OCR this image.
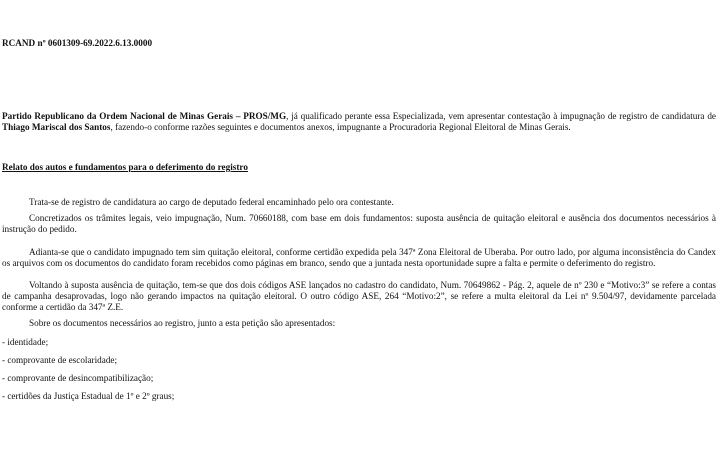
RCAND nº 0601309-69.2022.6.13.0000

Partido Republicano da Ordem Nacional de Minas Gerais – PROS/MG, já qualificado perante essa Especializada, vem apresentar contestação à impugnação de registro de candidatura de Thiago Mariscal dos Santos, fazendo-o conforme razões seguintes e documentos anexos, impugnante a Procuradoria Regional Eleitoral de Minas Gerais.

Relato dos autos e fundamentos para o deferimento do registro

Trata-se de registro de candidatura ao cargo de deputado federal encaminhado pelo ora contestante.

Concretizados os trâmites legais, veio impugnação, Num. 70660188, com base em dois fundamentos: suposta ausência de quitação eleitoral e ausência dos documentos necessários à instrução do pedido.

Adianta-se que o candidato impugnado tem sim quitação eleitoral, conforme certidão expedida pela 347ª Zona Eleitoral de Uberaba. Por outro lado, por alguma inconsistência do Candex os arquivos com os documentos do candidato foram recebidos como páginas em branco, sendo que a juntada nesta oportunidade supre a falta e permite o deferimento do registro.

Voltando à suposta ausência de quitação, tem-se que dos dois códigos ASE lançados no cadastro do candidato, Num. 70649862 - Pág. 2, aquele de nº 230 e “Motivo:3” se refere a contas de campanha desaprovadas, logo não gerando impactos na quitação eleitoral. O outro código ASE, 264 “Motivo:2”, se refere a multa eleitoral da Lei nº 9.504/97, devidamente parcelada conforme a certidão da 347ª Z.E.

Sobre os documentos necessários ao registro, junto a esta petição são apresentados:

- identidade;

- comprovante de escolaridade;

- comprovante de desincompatibilização;

- certidões da Justiça Estadual de 1º e 2º graus;
